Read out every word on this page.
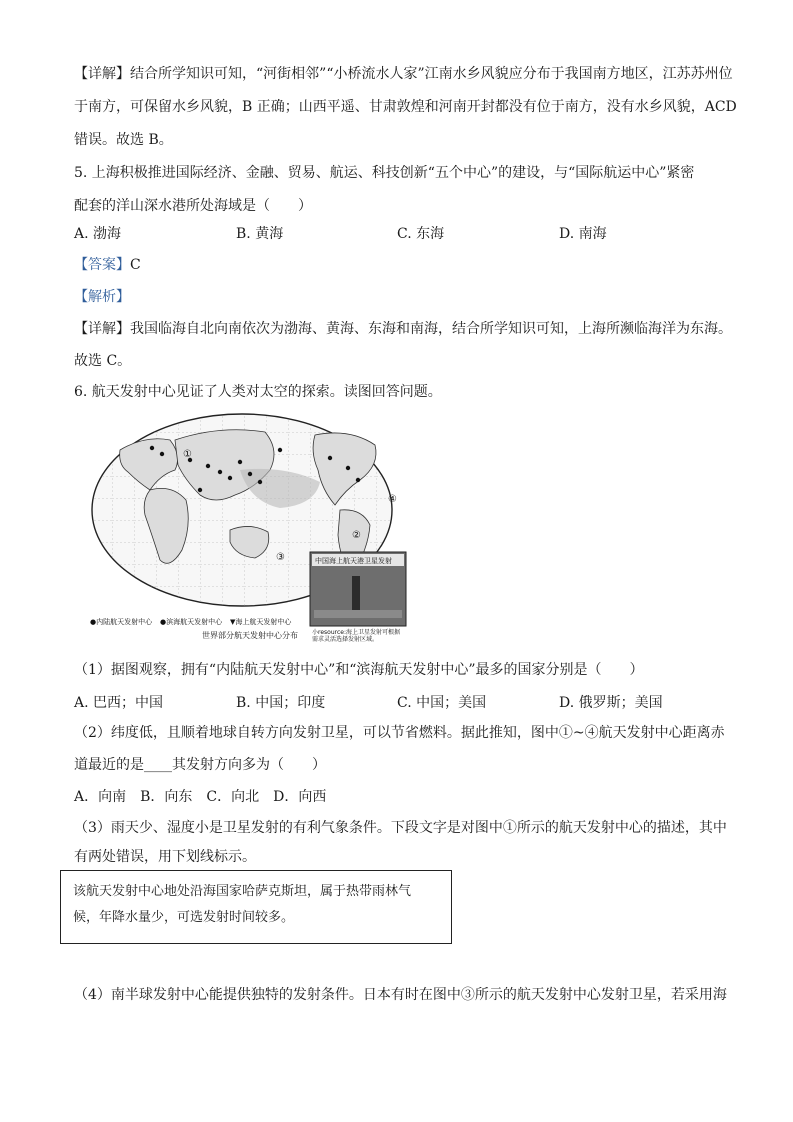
【详解】结合所学知识可知，“河街相邻”“小桥流水人家”江南水乡风貌应分布于我国南方地区，江苏苏州位
于南方，可保留水乡风貌，B 正确；山西平遥、甘肃敦煌和河南开封都没有位于南方，没有水乡风貌，ACD
错误。故选 B。
5. 上海积极推进国际经济、金融、贸易、航运、科技创新“五个中心”的建设，与“国际航运中心”紧密
配套的洋山深水港所处海域是（　　）
A. 渤海	B. 黄海	C. 东海	D. 南海
【答案】C
【解析】
【详解】我国临海自北向南依次为渤海、黄海、东海和南海，结合所学知识可知，上海所濒临海洋为东海。
故选 C。
6. 航天发射中心见证了人类对太空的探索。读图回答问题。
①
④
③
②
中国海上航天港卫星发射
●内陆航天发射中心 ●滨海航天发射中心 ▼海上航天发射中心
世界部分航天发射中心分布 小resource:海上卫星发射可根据
需求灵活选择发射区域。
（1）据图观察，拥有“内陆航天发射中心”和“滨海航天发射中心”最多的国家分别是（　　）
A. 巴西；中国	B. 中国；印度	C. 中国；美国	D. 俄罗斯；美国
（2）纬度低，且顺着地球自转方向发射卫星，可以节省燃料。据此推知，图中①~④航天发射中心距离赤
道最近的是____其发射方向多为（　　）
A．向南　B．向东　C．向北　D．向西
（3）雨天少、湿度小是卫星发射的有利气象条件。下段文字是对图中①所示的航天发射中心的描述，其中
有两处错误，用下划线标示。
该航天发射中心地处沿海国家哈萨克斯坦，属于热带雨林气
候，年降水量少，可选发射时间较多。
（4）南半球发射中心能提供独特的发射条件。日本有时在图中③所示的航天发射中心发射卫星，若采用海
